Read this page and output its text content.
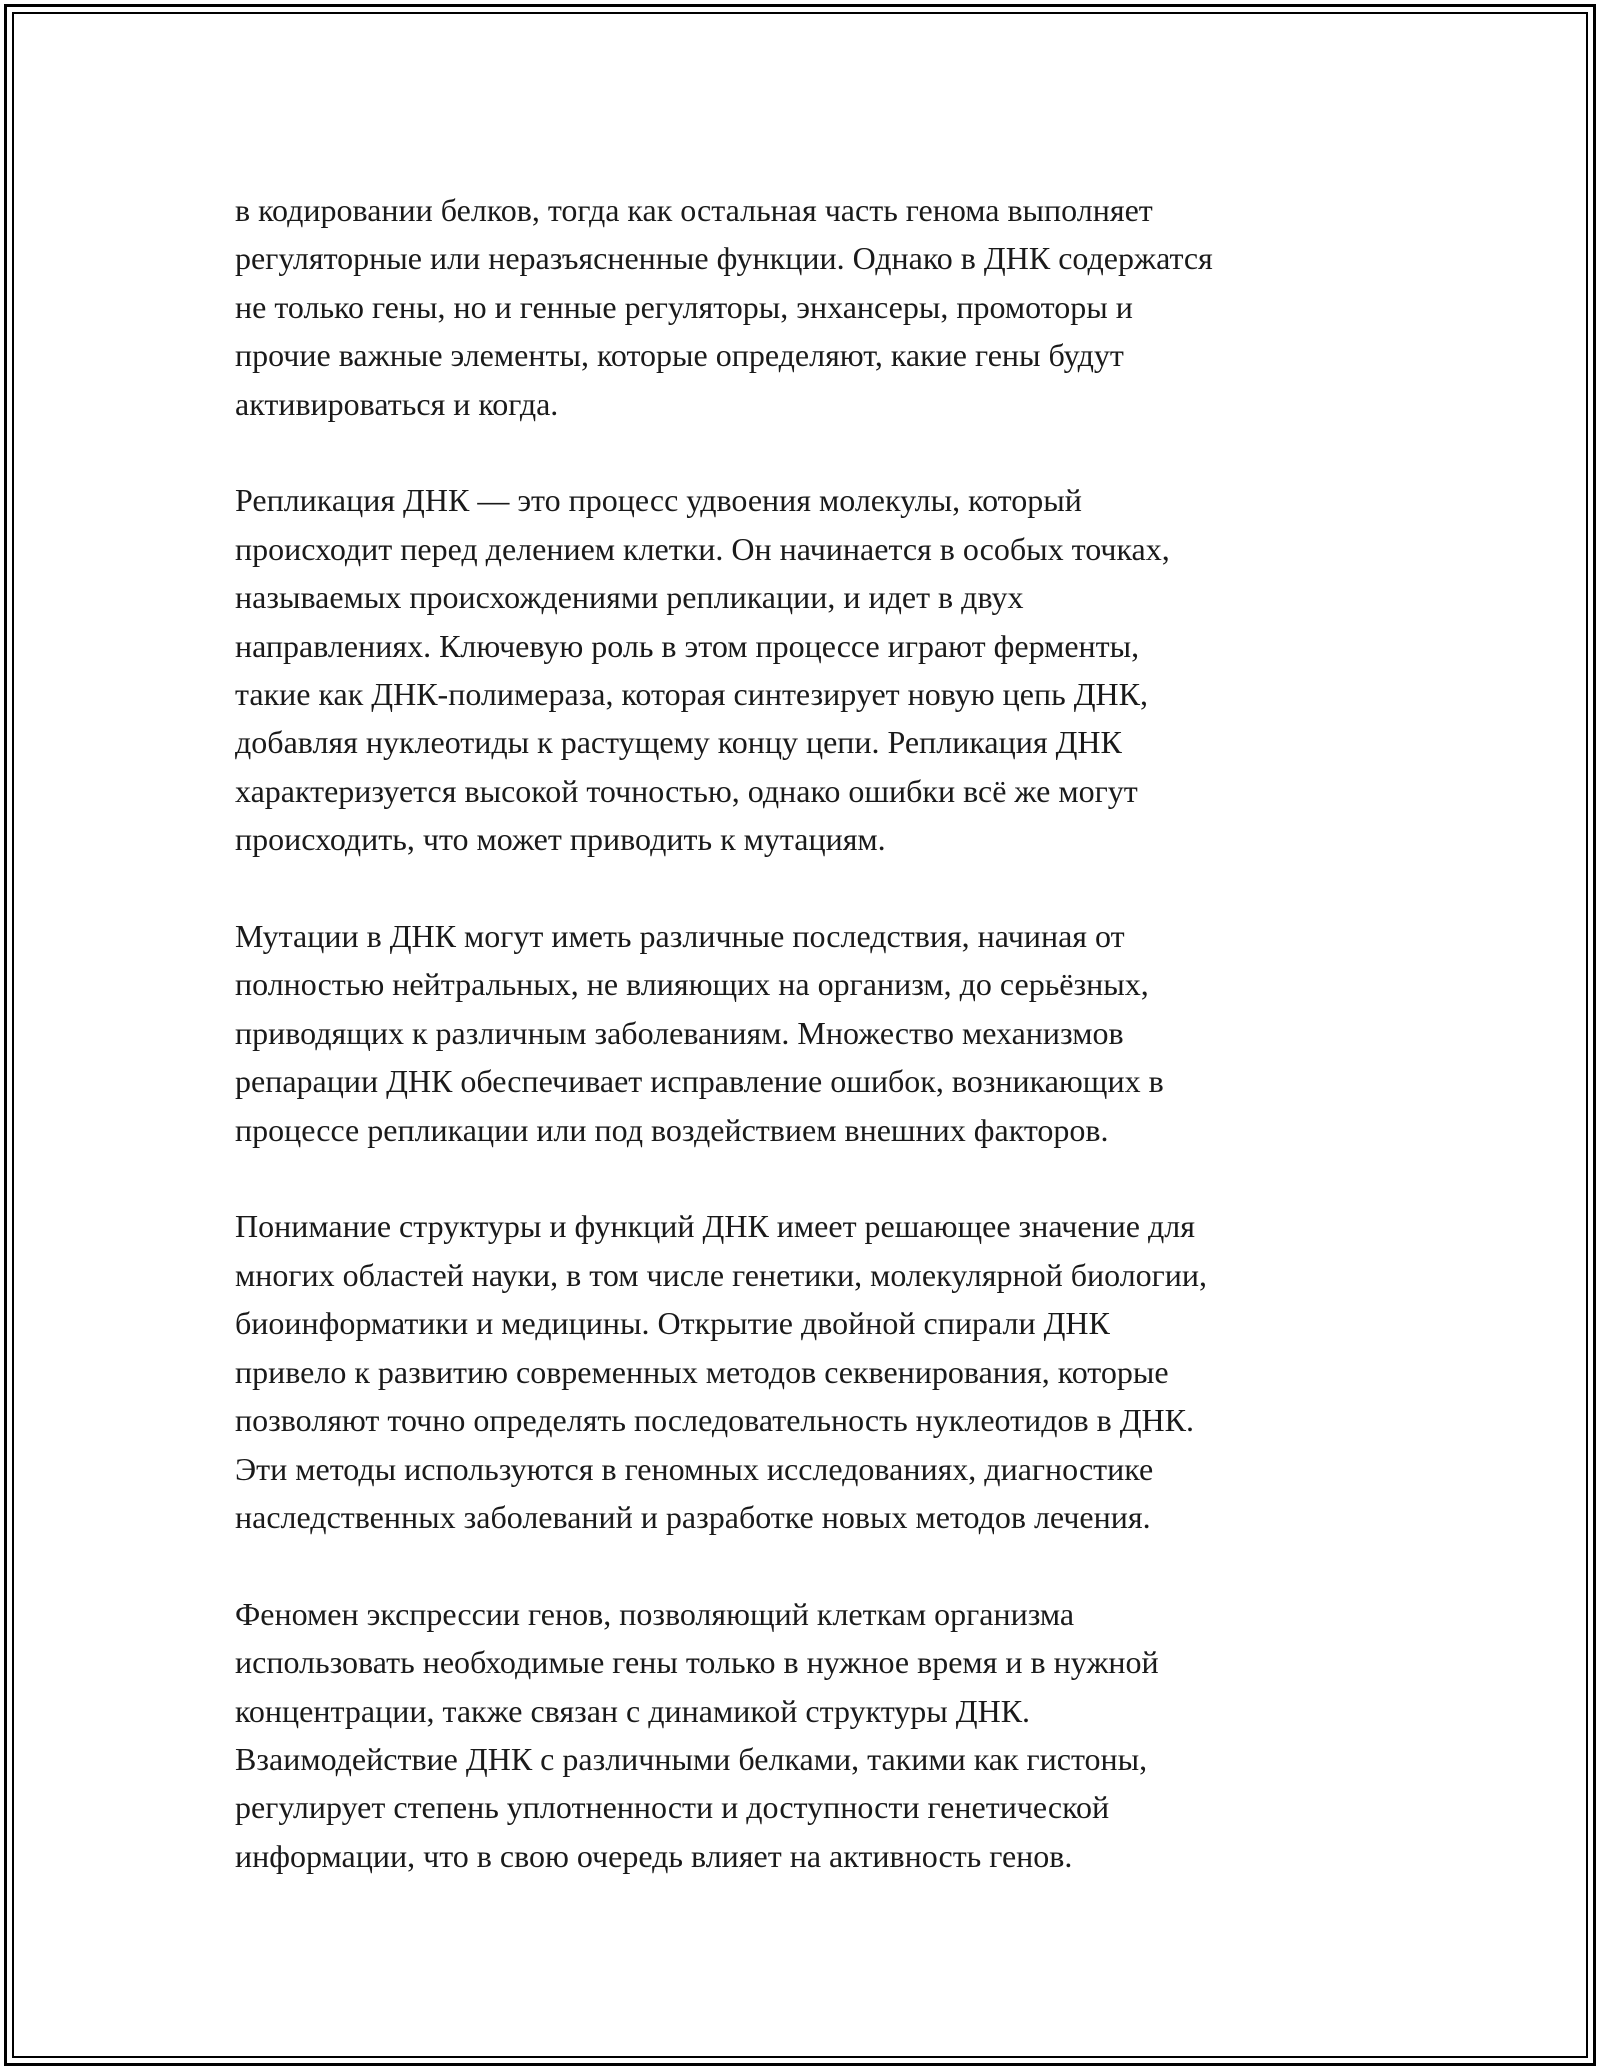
в кодировании белков, тогда как остальная часть генома выполняет
регуляторные или неразъясненные функции. Однако в ДНК содержатся
не только гены, но и генные регуляторы, энхансеры, промоторы и
прочие важные элементы, которые определяют, какие гены будут
активироваться и когда.

Репликация ДНК — это процесс удвоения молекулы, который
происходит перед делением клетки. Он начинается в особых точках,
называемых происхождениями репликации, и идет в двух
направлениях. Ключевую роль в этом процессе играют ферменты,
такие как ДНК-полимераза, которая синтезирует новую цепь ДНК,
добавляя нуклеотиды к растущему концу цепи. Репликация ДНК
характеризуется высокой точностью, однако ошибки всё же могут
происходить, что может приводить к мутациям.

Мутации в ДНК могут иметь различные последствия, начиная от
полностью нейтральных, не влияющих на организм, до серьёзных,
приводящих к различным заболеваниям. Множество механизмов
репарации ДНК обеспечивает исправление ошибок, возникающих в
процессе репликации или под воздействием внешних факторов.

Понимание структуры и функций ДНК имеет решающее значение для
многих областей науки, в том числе генетики, молекулярной биологии,
биоинформатики и медицины. Открытие двойной спирали ДНК
привело к развитию современных методов секвенирования, которые
позволяют точно определять последовательность нуклеотидов в ДНК.
Эти методы используются в геномных исследованиях, диагностике
наследственных заболеваний и разработке новых методов лечения.

Феномен экспрессии генов, позволяющий клеткам организма
использовать необходимые гены только в нужное время и в нужной
концентрации, также связан с динамикой структуры ДНК.
Взаимодействие ДНК с различными белками, такими как гистоны,
регулирует степень уплотненности и доступности генетической
информации, что в свою очередь влияет на активность генов.
